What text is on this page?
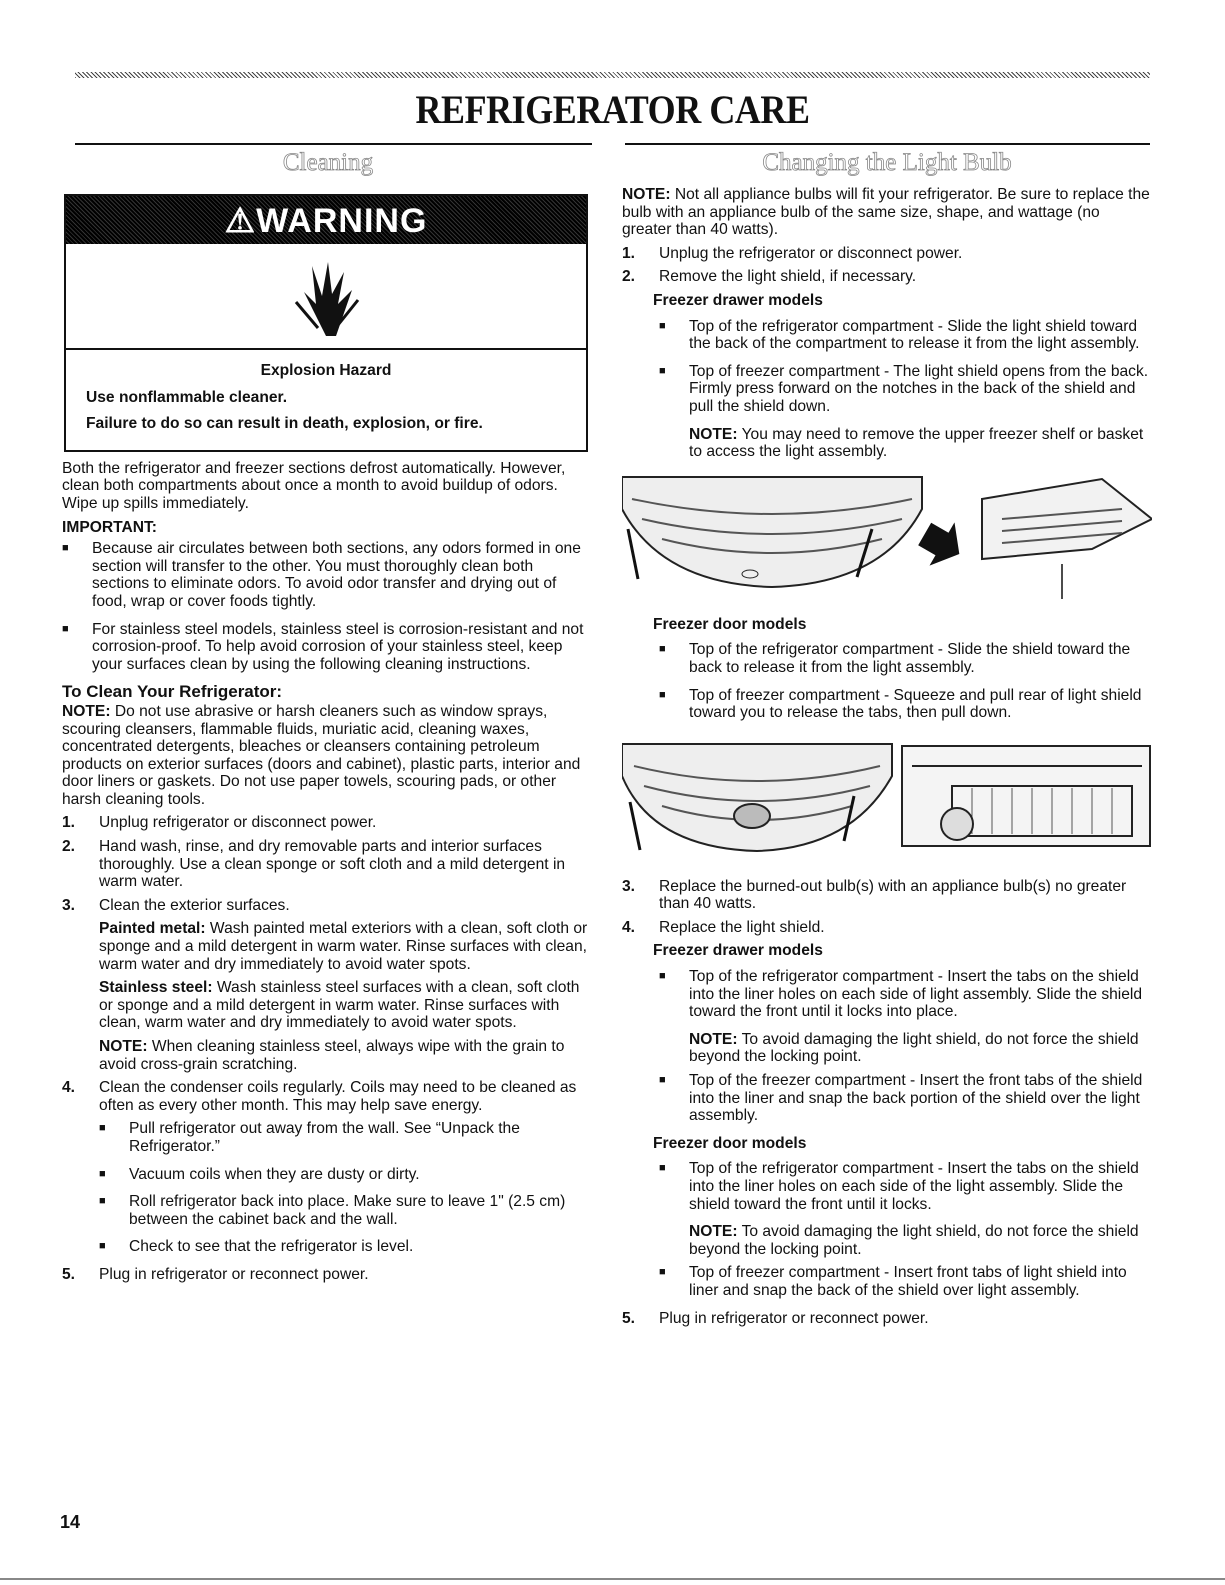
REFRIGERATOR CARE
Cleaning
⚠WARNING
Explosion Hazard
Use nonflammable cleaner.
Failure to do so can result in death, explosion, or fire.

Both the refrigerator and freezer sections defrost automatically. However, clean both compartments about once a month to avoid buildup of odors. Wipe up spills immediately.

IMPORTANT:
■	Because air circulates between both sections, any odors formed in one section will transfer to the other. You must thoroughly clean both sections to eliminate odors. To avoid odor transfer and drying out of food, wrap or cover foods tightly.
■	For stainless steel models, stainless steel is corrosion-resistant and not corrosion-proof. To help avoid corrosion of your stainless steel, keep your surfaces clean by using the following cleaning instructions.
To Clean Your Refrigerator:

NOTE: Do not use abrasive or harsh cleaners such as window sprays, scouring cleansers, flammable fluids, muriatic acid, cleaning waxes, concentrated detergents, bleaches or cleansers containing petroleum products on exterior surfaces (doors and cabinet), plastic parts, interior and door liners or gaskets. Do not use paper towels, scouring pads, or other harsh cleaning tools.

1.	Unplug refrigerator or disconnect power.
2.	Hand wash, rinse, and dry removable parts and interior surfaces thoroughly. Use a clean sponge or soft cloth and a mild detergent in warm water.
3.	Clean the exterior surfaces.

Painted metal: Wash painted metal exteriors with a clean, soft cloth or sponge and a mild detergent in warm water. Rinse surfaces with clean, warm water and dry immediately to avoid water spots.

Stainless steel: Wash stainless steel surfaces with a clean, soft cloth or sponge and a mild detergent in warm water. Rinse surfaces with clean, warm water and dry immediately to avoid water spots.

NOTE: When cleaning stainless steel, always wipe with the grain to avoid cross-grain scratching.

4.	Clean the condenser coils regularly. Coils may need to be cleaned as often as every other month. This may help save energy.
■	Pull refrigerator out away from the wall. See “Unpack the Refrigerator.”
■	Vacuum coils when they are dusty or dirty.
■	Roll refrigerator back into place. Make sure to leave 1" (2.5 cm) between the cabinet back and the wall.
■	Check to see that the refrigerator is level.
5.	Plug in refrigerator or reconnect power.
Changing the Light Bulb

NOTE: Not all appliance bulbs will fit your refrigerator. Be sure to replace the bulb with an appliance bulb of the same size, shape, and wattage (no greater than 40 watts).

1.	Unplug the refrigerator or disconnect power.
2.	Remove the light shield, if necessary.
Freezer drawer models
■	Top of the refrigerator compartment - Slide the light shield toward the back of the compartment to release it from the light assembly.
■	Top of freezer compartment - The light shield opens from the back. Firmly press forward on the notches in the back of the shield and pull the shield down.

NOTE: You may need to remove the upper freezer shelf or basket to access the light assembly.

Freezer door models
■	Top of the refrigerator compartment - Slide the shield toward the back to release it from the light assembly.
■	Top of freezer compartment - Squeeze and pull rear of light shield toward you to release the tabs, then pull down.
3.	Replace the burned-out bulb(s) with an appliance bulb(s) no greater than 40 watts.
4.	Replace the light shield.
Freezer drawer models
■	Top of the refrigerator compartment - Insert the tabs on the shield into the liner holes on each side of light assembly. Slide the shield toward the front until it locks into place.

NOTE: To avoid damaging the light shield, do not force the shield beyond the locking point.

■	Top of the freezer compartment - Insert the front tabs of the shield into the liner and snap the back portion of the shield over the light assembly.
Freezer door models
■	Top of the refrigerator compartment - Insert the tabs on the shield into the liner holes on each side of the light assembly. Slide the shield toward the front until it locks.

NOTE: To avoid damaging the light shield, do not force the shield beyond the locking point.

■	Top of freezer compartment - Insert front tabs of light shield into liner and snap the back of the shield over light assembly.
5.	Plug in refrigerator or reconnect power.
14
